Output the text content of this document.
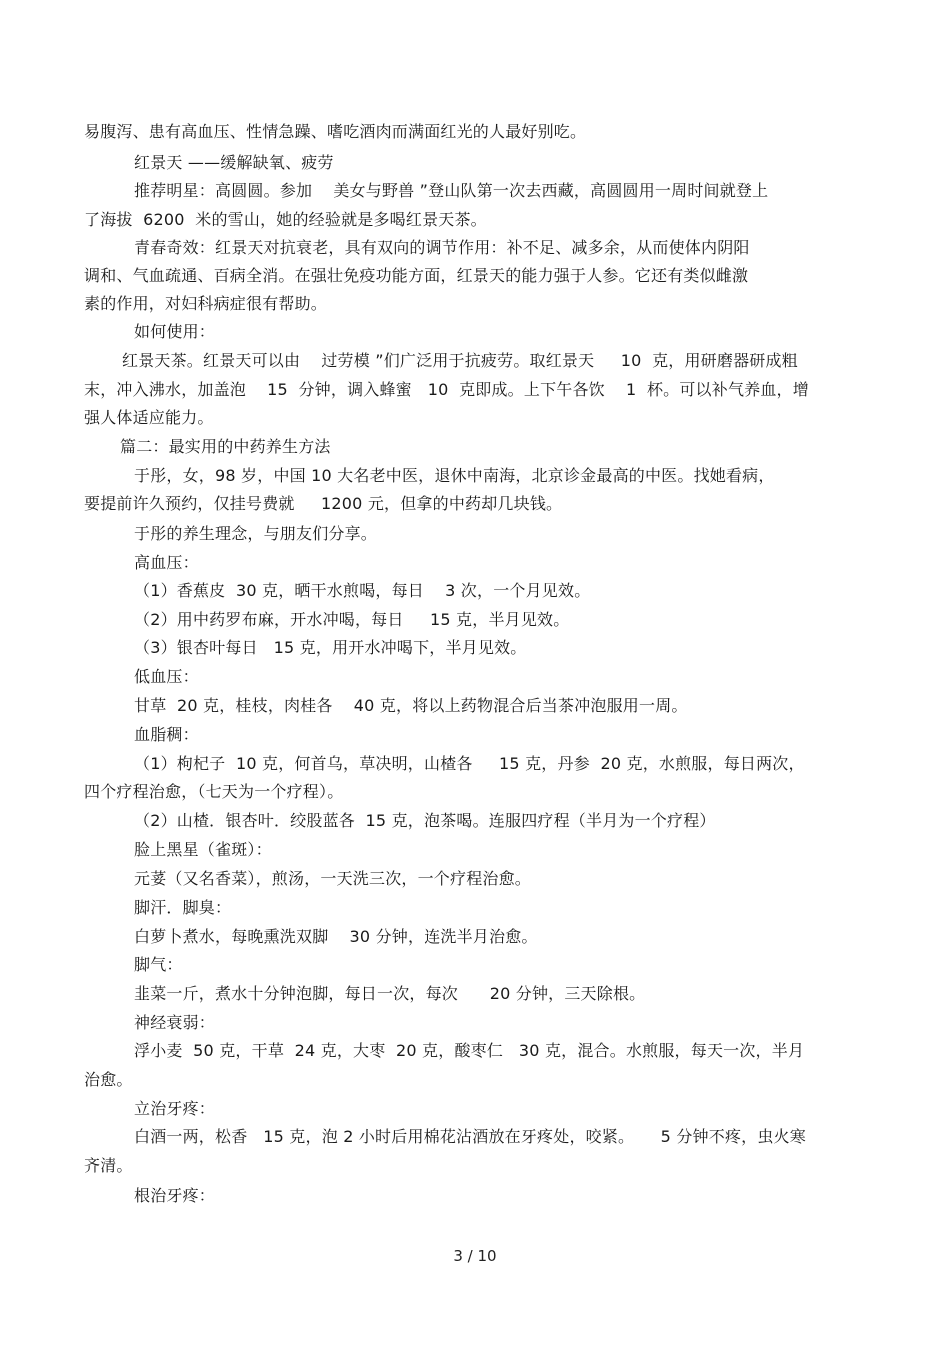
易腹泻、患有高血压、性情急躁、嗜吃酒肉而满面红光的人最好别吃。
红景天 ——缓解缺氧、疲劳
推荐明星：高圆圆。参加    美女与野兽 ”登山队第一次去西藏，高圆圆用一周时间就登上
了海拔  6200  米的雪山，她的经验就是多喝红景天茶。
青春奇效：红景天对抗衰老，具有双向的调节作用：补不足、减多余，从而使体内阴阳
调和、气血疏通、百病全消。在强壮免疫功能方面，红景天的能力强于人参。它还有类似雌激
素的作用，对妇科病症很有帮助。
如何使用：
红景天茶。红景天可以由    过劳模 ”们广泛用于抗疲劳。取红景天     10  克，用研磨器研成粗
末，冲入沸水，加盖泡    15  分钟，调入蜂蜜   10  克即成。上下午各饮    1  杯。可以补气养血，增
强人体适应能力。
篇二：最实用的中药养生方法
于彤，女，98 岁，中国 10 大名老中医，退休中南海，北京诊金最高的中医。找她看病，
要提前许久预约，仅挂号费就     1200 元，但拿的中药却几块钱。
于彤的养生理念，与朋友们分享。
高血压：
（1）香蕉皮  30 克，晒干水煎喝，每日    3 次，一个月见效。
（2）用中药罗布麻，开水冲喝，每日     15 克，半月见效。
（3）银杏叶每日   15 克，用开水冲喝下，半月见效。
低血压：
甘草  20 克，桂枝，肉桂各    40 克，将以上药物混合后当茶冲泡服用一周。
血脂稠：
（1）枸杞子  10 克，何首乌，草决明，山楂各     15 克，丹参  20 克，水煎服，每日两次，
四个疗程治愈，（七天为一个疗程）。
（2）山楂．银杏叶．绞股蓝各  15 克，泡茶喝。连服四疗程（半月为一个疗程）
脸上黑星（雀斑）：
元荽（又名香菜），煎汤，一天洗三次，一个疗程治愈。
脚汗．脚臭：
白萝卜煮水，每晚熏洗双脚    30 分钟，连洗半月治愈。
脚气：
韭菜一斤，煮水十分钟泡脚，每日一次，每次      20 分钟，三天除根。
神经衰弱：
浮小麦  50 克，干草  24 克，大枣  20 克，酸枣仁   30 克，混合。水煎服，每天一次，半月
治愈。
立治牙疼：
白酒一两，松香   15 克，泡 2 小时后用棉花沾酒放在牙疼处，咬紧。     5 分钟不疼，虫火寒
齐清。
根治牙疼：
3 / 10
